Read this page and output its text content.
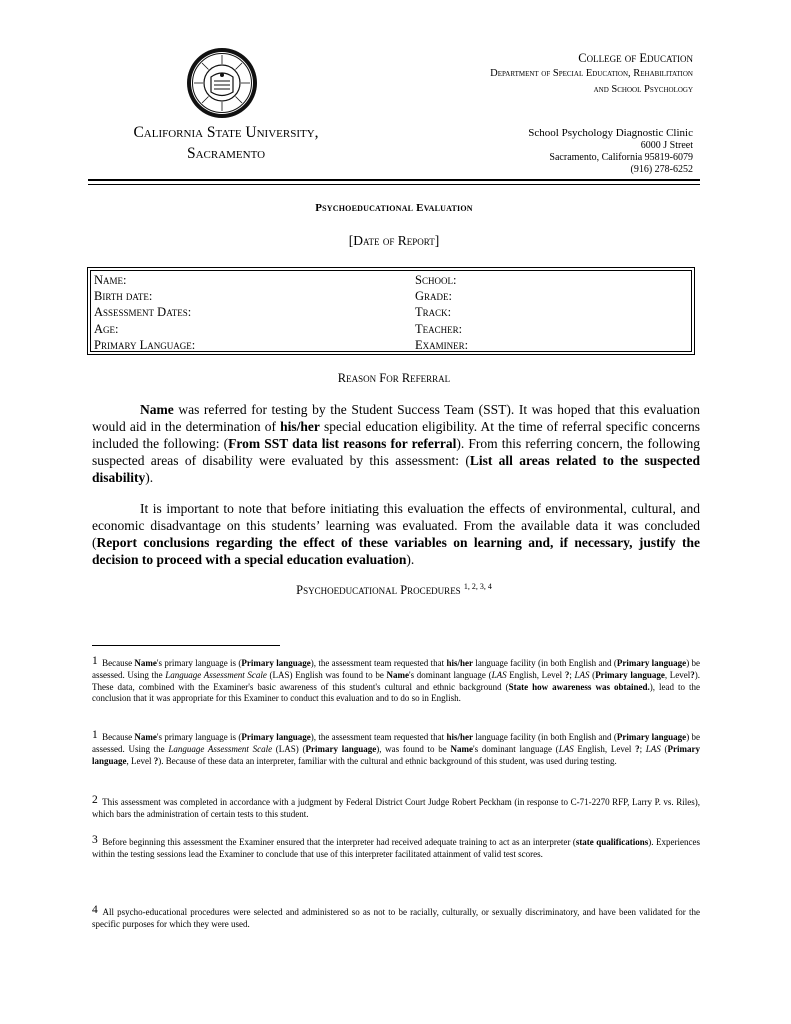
College of Education
Department of Special Education, Rehabilitation
and School Psychology
California State University,
Sacramento
School Psychology Diagnostic Clinic
6000 J Street
Sacramento, California 95819-6079
(916) 278-6252
Psychoeducational Evaluation
[Date of Report]
Name:
Birth date:
Assessment Dates:
Age:
Primary Language:
School:
Grade:
Track:
Teacher:
Examiner:
Reason For Referral

Name was referred for testing by the Student Success Team (SST). It was hoped that this evaluation would aid in the determination of his/her special education eligibility. At the time of referral specific concerns included the following: (From SST data list reasons for referral). From this referring concern, the following suspected areas of disability were evaluated by this assessment: (List all areas related to the suspected disability).

It is important to note that before initiating this evaluation the effects of environmental, cultural, and economic disadvantage on this students’ learning was evaluated. From the available data it was concluded (Report conclusions regarding the effect of these variables on learning and, if necessary, justify the decision to proceed with a special education evaluation).

Psychoeducational Procedures $^{1, 2, 3, 4}$

1 Because Name's primary language is (Primary language), the assessment team requested that his/her language facility (in both English and (Primary language) be assessed. Using the Language Assessment Scale (LAS) English was found to be Name's dominant language (LAS English, Level ?; LAS (Primary language, Level?). These data, combined with the Examiner's basic awareness of this student's cultural and ethnic background (State how awareness was obtained.), lead to the conclusion that it was appropriate for this Examiner to conduct this evaluation and to do so in English.

1 Because Name's primary language is (Primary language), the assessment team requested that his/her language facility (in both English and (Primary language) be assessed. Using the Language Assessment Scale (LAS) (Primary language), was found to be Name's dominant language (LAS English, Level ?; LAS (Primary language, Level ?). Because of these data an interpreter, familiar with the cultural and ethnic background of this student, was used during testing.

2 This assessment was completed in accordance with a judgment by Federal District Court Judge Robert Peckham (in response to C-71-2270 RFP, Larry P. vs. Riles), which bars the administration of certain tests to this student.

3 Before beginning this assessment the Examiner ensured that the interpreter had received adequate training to act as an interpreter (state qualifications). Experiences within the testing sessions lead the Examiner to conclude that use of this interpreter facilitated attainment of valid test scores.

4 All psycho-educational procedures were selected and administered so as not to be racially, culturally, or sexually discriminatory, and have been validated for the specific purposes for which they were used.
